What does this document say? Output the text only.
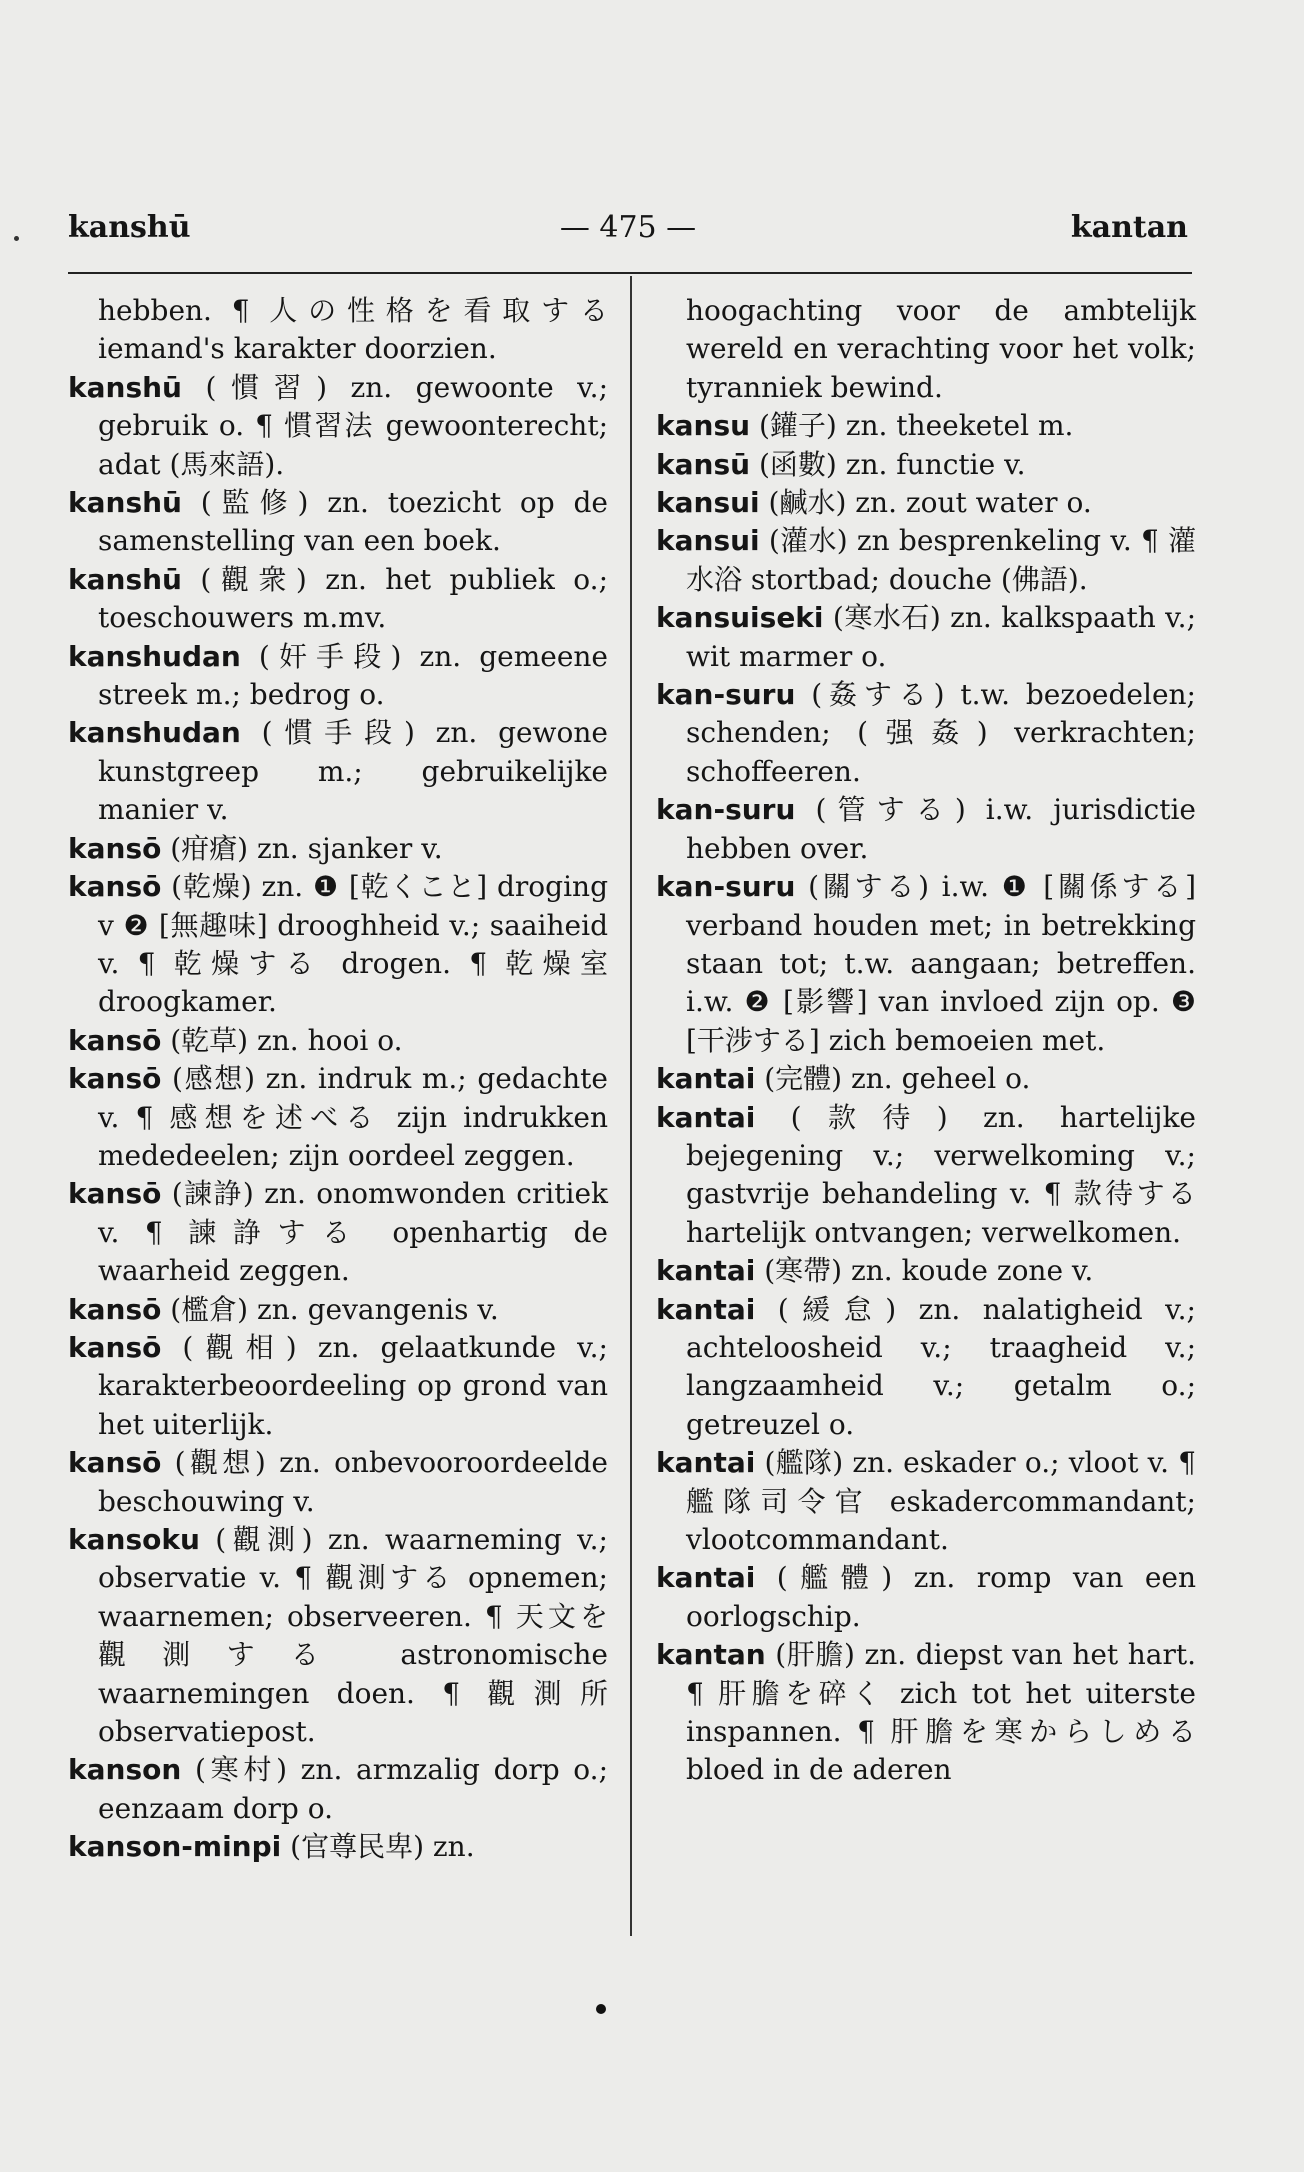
kanshū	— 475 —	kantan

hebben. ¶ 人の性格を看取する iemand's karakter doorzien.

kanshū (慣習) zn. gewoonte v.; gebruik o. ¶ 慣習法 gewoonterecht; adat (馬來語).

kanshū (監修) zn. toezicht op de samenstelling van een boek.

kanshū (觀衆) zn. het publiek o.; toeschouwers m.mv.

kanshudan (奸手段) zn. gemeene streek m.; bedrog o.

kanshudan (慣手段) zn. gewone kunstgreep m.; gebruikelijke manier v.

kansō (疳瘡) zn. sjanker v.

kansō (乾燥) zn. ❶ [乾くこと] droging v ❷ [無趣味] drooghheid v.; saaiheid v. ¶ 乾燥する drogen. ¶ 乾燥室 droogkamer.

kansō (乾草) zn. hooi o.

kansō (感想) zn. indruk m.; gedachte v. ¶ 感想を述べる zijn indrukken mededeelen; zijn oordeel zeggen.

kansō (諫諍) zn. onomwonden critiek v. ¶ 諫諍する openhartig de waarheid zeggen.

kansō (檻倉) zn. gevangenis v.

kansō (觀相) zn. gelaatkunde v.; karakterbeoordeeling op grond van het uiterlijk.

kansō (觀想) zn. onbevooroordeelde beschouwing v.

kansoku (觀測) zn. waarneming v.; observatie v. ¶ 觀測する opnemen; waarnemen; observeeren. ¶ 天文を觀測する astronomische waarnemingen doen. ¶ 觀測所 observatiepost.

kanson (寒村) zn. armzalig dorp o.; eenzaam dorp o.

kanson-minpi (官尊民卑) zn.

hoogachting voor de ambtelijk wereld en verachting voor het volk; tyranniek bewind.

kansu (鑵子) zn. theeketel m.

kansū (函數) zn. functie v.

kansui (鹹水) zn. zout water o.

kansui (灌水) zn besprenkeling v. ¶ 灌水浴 stortbad; douche (佛語).

kansuiseki (寒水石) zn. kalkspaath v.; wit marmer o.

kan-suru (姦する) t.w. bezoedelen; schenden; (强姦) verkrachten; schoffeeren.

kan-suru (管する) i.w. jurisdictie hebben over.

kan-suru (關する) i.w. ❶ [關係する] verband houden met; in betrekking staan tot; t.w. aangaan; betreffen. i.w. ❷ [影響] van invloed zijn op. ❸ [干涉する] zich bemoeien met.

kantai (完體) zn. geheel o.

kantai (款待) zn. hartelijke bejegening v.; verwelkoming v.; gastvrije behandeling v. ¶ 款待する hartelijk ontvangen; verwelkomen.

kantai (寒帶) zn. koude zone v.

kantai (緩怠) zn. nalatigheid v.; achteloosheid v.; traagheid v.; langzaamheid v.; getalm o.; getreuzel o.

kantai (艦隊) zn. eskader o.; vloot v. ¶ 艦隊司令官 eskadercommandant; vlootcommandant.

kantai (艦體) zn. romp van een oorlogschip.

kantan (肝膽) zn. diepst van het hart. ¶ 肝膽を碎く zich tot het uiterste inspannen. ¶ 肝膽を寒からしめる bloed in de aderen
